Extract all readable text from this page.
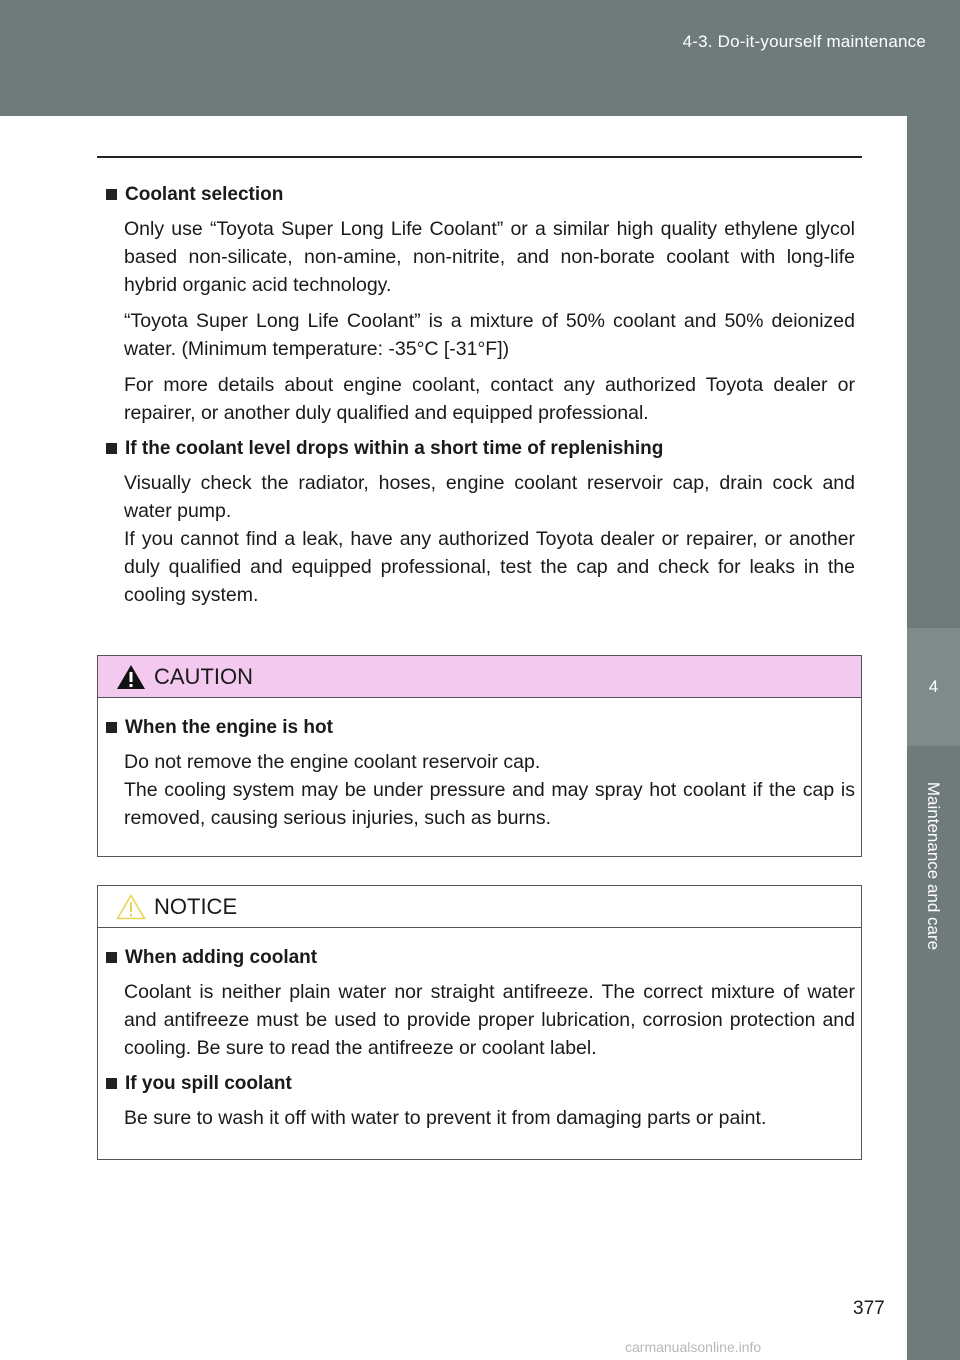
4-3. Do-it-yourself maintenance
4
Maintenance and care
Coolant selection

Only use “Toyota Super Long Life Coolant” or a similar high quality ethylene glycol based non-silicate, non-amine, non-nitrite, and non-borate coolant with long-life hybrid organic acid technology.

“Toyota Super Long Life Coolant” is a mixture of 50% coolant and 50% deionized water. (Minimum temperature: -35°C [-31°F])

For more details about engine coolant, contact any authorized Toyota dealer or repairer, or another duly qualified and equipped professional.

If the coolant level drops within a short time of replenishing

Visually check the radiator, hoses, engine coolant reservoir cap, drain cock and water pump.

If you cannot find a leak, have any authorized Toyota dealer or repairer, or another duly qualified and equipped professional, test the cap and check for leaks in the cooling system.

CAUTION
When the engine is hot

Do not remove the engine coolant reservoir cap.

The cooling system may be under pressure and may spray hot coolant if the cap is removed, causing serious injuries, such as burns.

NOTICE
When adding coolant

Coolant is neither plain water nor straight antifreeze. The correct mixture of water and antifreeze must be used to provide proper lubrication, corrosion protection and cooling. Be sure to read the antifreeze or coolant label.

If you spill coolant

Be sure to wash it off with water to prevent it from damaging parts or paint.

377
carmanualsonline.info
